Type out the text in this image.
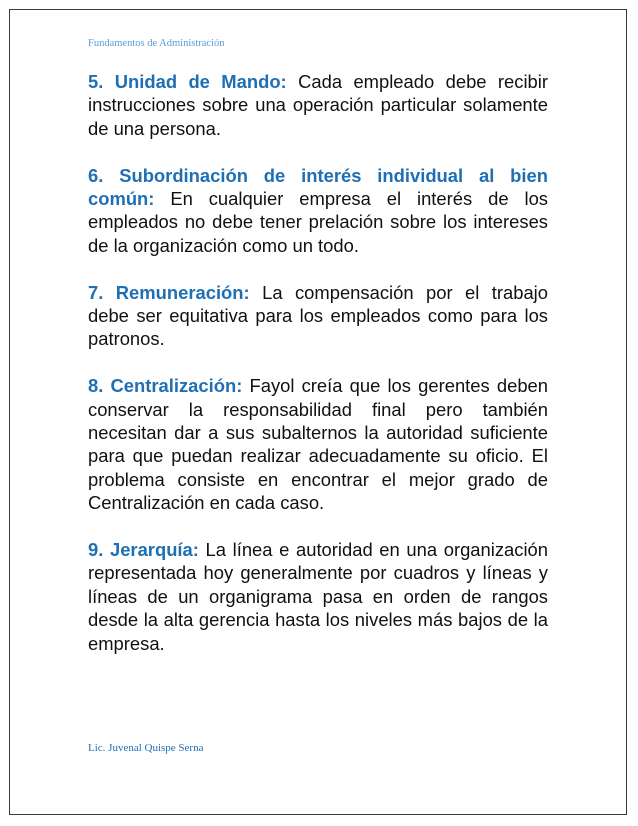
Fundamentos de Administración

5. Unidad de Mando: Cada empleado debe recibir instrucciones sobre una operación particular solamente de una persona.

6. Subordinación de interés individual al bien común: En cualquier empresa el interés de los empleados no debe tener prelación sobre los intereses de la organización como un todo.

7. Remuneración: La compensación por el trabajo debe ser equitativa para los empleados como para los patronos.

8. Centralización: Fayol creía que los gerentes deben conservar la responsabilidad final pero también necesitan dar a sus subalternos la autoridad suficiente para que puedan realizar adecuadamente su oficio. El problema consiste en encontrar el mejor grado de Centralización en cada caso.

9. Jerarquía: La línea e autoridad en una organización representada hoy generalmente por cuadros y líneas y líneas de un organigrama pasa en orden de rangos desde la alta gerencia hasta los niveles más bajos de la empresa.

Lic. Juvenal Quispe Serna
